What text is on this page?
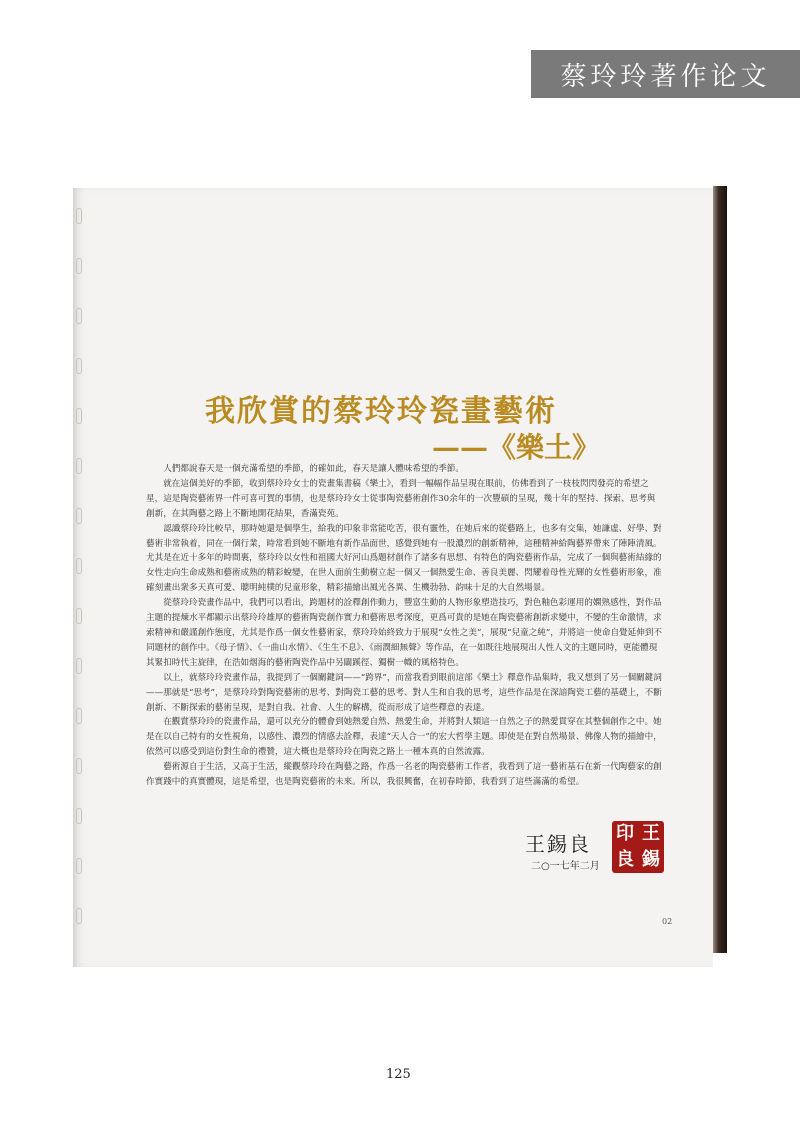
蔡玲玲著作论文
我欣賞的蔡玲玲瓷畫藝術
——《樂土》

人們都說春天是一個充滿希望的季節，的確如此，春天是讓人體味希望的季節。

就在這個美好的季節，收到蔡玲玲女士的瓷畫集書稿《樂土》，看到一幅幅作品呈現在眼前，仿佛看到了一枝枝閃閃發亮的希望之星，這是陶瓷藝術界一件可喜可賀的事情，也是蔡玲玲女士從事陶瓷藝術創作30余年的一次豐碩的呈現，幾十年的堅持、探索、思考與創新，在其陶藝之路上不斷地開花結果，香滿瓷苑。

認識蔡玲玲比較早，那時她還是個學生，給我的印象非常能吃苦，很有靈性，在她后來的從藝路上，也多有交集，她謙虛、好學、對藝術非常執着，同在一個行業，時常看到她不斷地有新作品面世，感覺到她有一股濃烈的創新精神，這種精神給陶藝界帶來了陣陣清風。尤其是在近十多年的時間裏，蔡玲玲以女性和祖國大好河山爲題材創作了諸多有思想、有特色的陶瓷藝術作品，完成了一個與藝術結緣的女性走向生命成熟和藝術成熟的精彩蛻變，在世人面前生動樹立起一個又一個熱愛生命、善良美麗、閃耀着母性光輝的女性藝術形象，准確刻畫出衆多天真可愛、聰明純樸的兒童形象，精彩描繪出風光各異、生機勃勃、韵味十足的大自然場景。

從蔡玲玲瓷畫作品中，我們可以看出，跨題材的詮釋創作動力，豐富生動的人物形象塑造技巧，對色釉色彩運用的嫻熟感性，對作品主題的提煉水平都顯示出蔡玲玲雄厚的藝術陶瓷創作實力和藝術思考深度，更爲可貴的是她在陶瓷藝術創新求變中，不變的生命激情，求索精神和嚴謹創作態度，尤其是作爲一個女性藝術家，蔡玲玲始終致力于展現“女性之美”，展現“兒童之純”，并將這一使命自覺延伸到不同題材的創作中。《母子情》、《一曲山水情》、《生生不息》、《雨潤細無聲》等作品，在一如既往地展現出人性人文的主題同時，更能體現其緊扣時代主旋律，在浩如烟海的藝術陶瓷作品中另闢蹊徑、獨樹一幟的風格特色。

以上，就蔡玲玲瓷畫作品，我提到了一個關鍵詞——“跨界”，而當我看到眼前這部《樂土》釋意作品集時，我又想到了另一個關鍵詞——那就是“思考”，是蔡玲玲對陶瓷藝術的思考、對陶瓷工藝的思考、對人生和自我的思考，這些作品是在深諳陶瓷工藝的基礎上，不斷創新、不斷探索的藝術呈現，是對自我、社會、人生的解構，從而形成了這些釋意的表達。

在觀賞蔡玲玲的瓷畫作品，還可以充分的體會到她熱愛自然、熱愛生命，并將對人類這一自然之子的熱愛貫穿在其整個創作之中。她是在以自己特有的女性視角，以感性、濃烈的情感去詮釋，表達“天人合一”的宏大哲學主題。即使是在對自然場景、佛像人物的描繪中，依然可以感受到這份對生命的禮贊，這大概也是蔡玲玲在陶瓷之路上一種本真的自然流露。

藝術源自于生活，又高于生活，縱觀蔡玲玲在陶藝之路，作爲一名老的陶瓷藝術工作者，我看到了這一藝術基石在新一代陶藝家的創作實踐中的真實體現，這是希望，也是陶瓷藝術的未來。所以，我很興奮，在初春時節，我看到了這些滿滿的希望。

王錫良
二○一七年二月
印 王
良 錫
02
125
